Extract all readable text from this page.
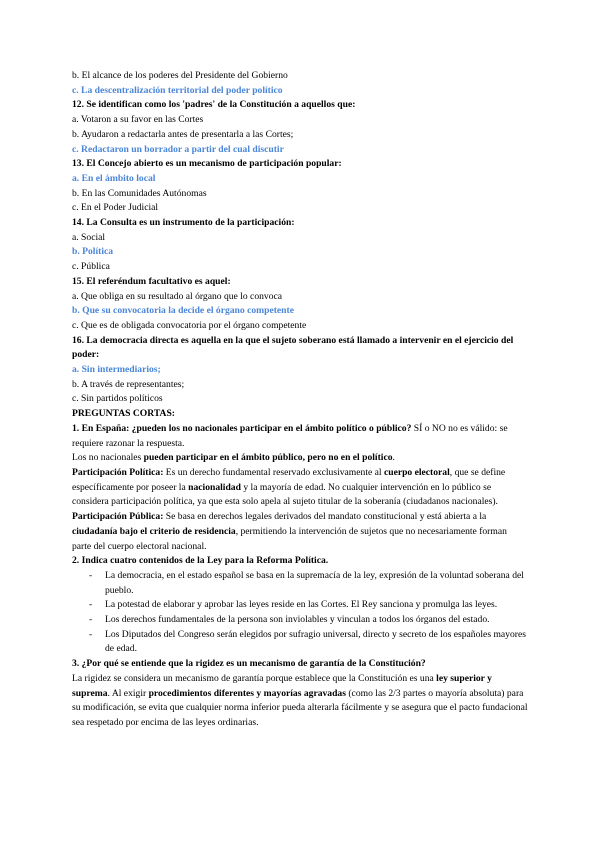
b. El alcance de los poderes del Presidente del Gobierno
c. La descentralización territorial del poder político
12. Se identifican como los 'padres' de la Constitución a aquellos que:
a. Votaron a su favor en las Cortes
b. Ayudaron a redactarla antes de presentarla a las Cortes;
c. Redactaron un borrador a partir del cual discutir
13. El Concejo abierto es un mecanismo de participación popular:
a. En el ámbito local
b. En las Comunidades Autónomas
c. En el Poder Judicial
14. La Consulta es un instrumento de la participación:
a. Social
b. Política
c. Pública
15. El referéndum facultativo es aquel:
a. Que obliga en su resultado al órgano que lo convoca
b. Que su convocatoria la decide el órgano competente
c. Que es de obligada convocatoria por el órgano competente
16. La democracia directa es aquella en la que el sujeto soberano está llamado a intervenir en el ejercicio del poder:
a. Sin intermediarios;
b. A través de representantes;
c. Sin partidos políticos
PREGUNTAS CORTAS:
1. En España: ¿pueden los no nacionales participar en el ámbito político o público? SÍ o NO no es válido: se requiere razonar la respuesta.
Los no nacionales pueden participar en el ámbito público, pero no en el político.
Participación Política: Es un derecho fundamental reservado exclusivamente al cuerpo electoral, que se define específicamente por poseer la nacionalidad y la mayoría de edad. No cualquier intervención en lo público se considera participación política, ya que esta solo apela al sujeto titular de la soberanía (ciudadanos nacionales).
Participación Pública: Se basa en derechos legales derivados del mandato constitucional y está abierta a la ciudadanía bajo el criterio de residencia, permitiendo la intervención de sujetos que no necesariamente forman parte del cuerpo electoral nacional.
2. Indica cuatro contenidos de la Ley para la Reforma Política.
- La democracia, en el estado español se basa en la supremacía de la ley, expresión de la voluntad soberana del pueblo.
- La potestad de elaborar y aprobar las leyes reside en las Cortes. El Rey sanciona y promulga las leyes.
- Los derechos fundamentales de la persona son inviolables y vinculan a todos los órganos del estado.
- Los Diputados del Congreso serán elegidos por sufragio universal, directo y secreto de los españoles mayores de edad.
3. ¿Por qué se entiende que la rigidez es un mecanismo de garantía de la Constitución?
La rigidez se considera un mecanismo de garantía porque establece que la Constitución es una ley superior y suprema. Al exigir procedimientos diferentes y mayorías agravadas (como las 2/3 partes o mayoría absoluta) para su modificación, se evita que cualquier norma inferior pueda alterarla fácilmente y se asegura que el pacto fundacional sea respetado por encima de las leyes ordinarias.
